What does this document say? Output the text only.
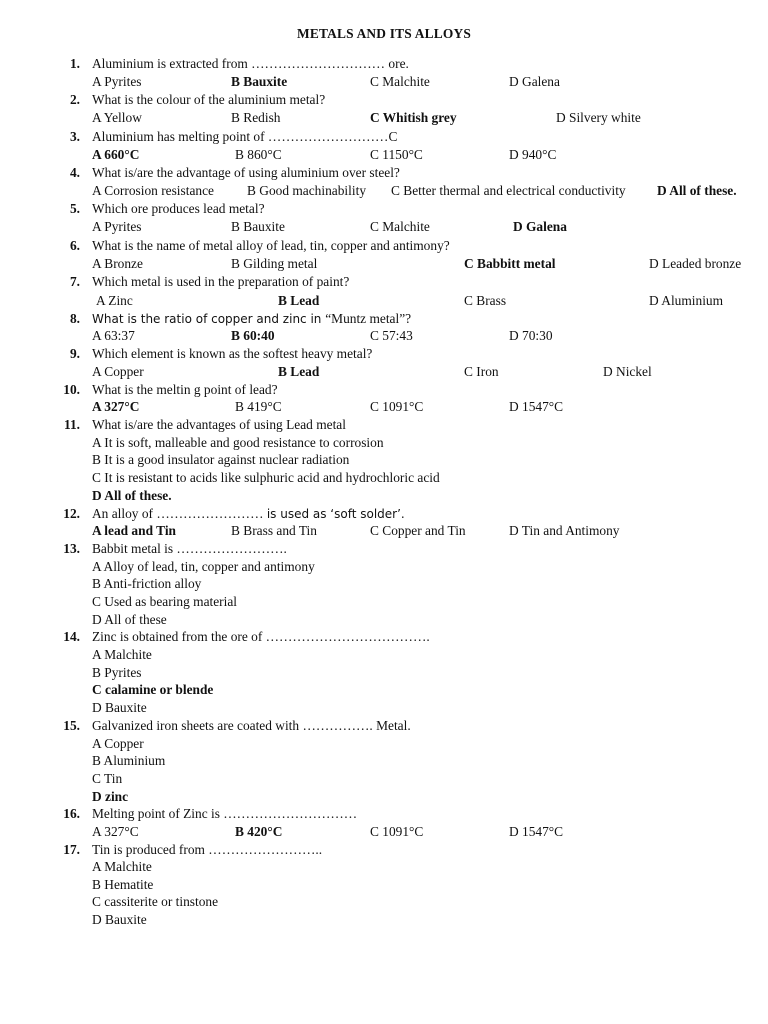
METALS AND ITS ALLOYS
1. Aluminium is extracted from ………………………… ore.
A Pyrites	B Bauxite	C Malchite	D Galena
2. What is the colour of the aluminium metal?
A Yellow	B Redish	C Whitish grey	D Silvery white
3. Aluminium has melting point of ………………………C
A 660°C	B 860°C	C 1150°C	D 940°C
4. What is/are the advantage of using aluminium over steel?
A Corrosion resistance B Good machinability C Better thermal and electrical conductivity D All of these.
5. Which ore produces lead metal?
A Pyrites	B Bauxite	C Malchite	D Galena
6. What is the name of metal alloy of lead, tin, copper and antimony?
A Bronze	B Gilding metal	C Babbitt metal	D Leaded bronze
7. Which metal is used in the preparation of paint?
A Zinc	B Lead	C Brass	D Aluminium
8. What is the ratio of copper and zinc in “Muntz metal”?
A 63:37	B 60:40	C 57:43	D 70:30
9. Which element is known as the softest heavy metal?
A Copper	B Lead	C Iron	D Nickel
10. What is the meltin g point of lead?
A 327°C	B 419°C	C 1091°C	D 1547°C
11. What is/are the advantages of using Lead metal
A It is soft, malleable and good resistance to corrosion
B It is a good insulator against nuclear radiation
C It is resistant to acids like sulphuric acid and hydrochloric acid
D All of these.
12. An alloy of …………………… is used as ‘soft solder’.
A lead and Tin	B Brass and Tin	C Copper and Tin	D Tin and Antimony
13. Babbit metal is …………………….
A Alloy of lead, tin, copper and antimony
B Anti-friction alloy
C Used as bearing material
D All of these
14. Zinc is obtained from the ore of ……………………………….
A Malchite
B Pyrites
C calamine or blende
D Bauxite
15. Galvanized iron sheets are coated with ……………. Metal.
A Copper
B Aluminium
C Tin
D zinc
16. Melting point of Zinc is …………………………
A 327°C	B 420°C	C 1091°C	D 1547°C
17. Tin is produced from ……………………..
A Malchite
B Hematite
C cassiterite or tinstone
D Bauxite
